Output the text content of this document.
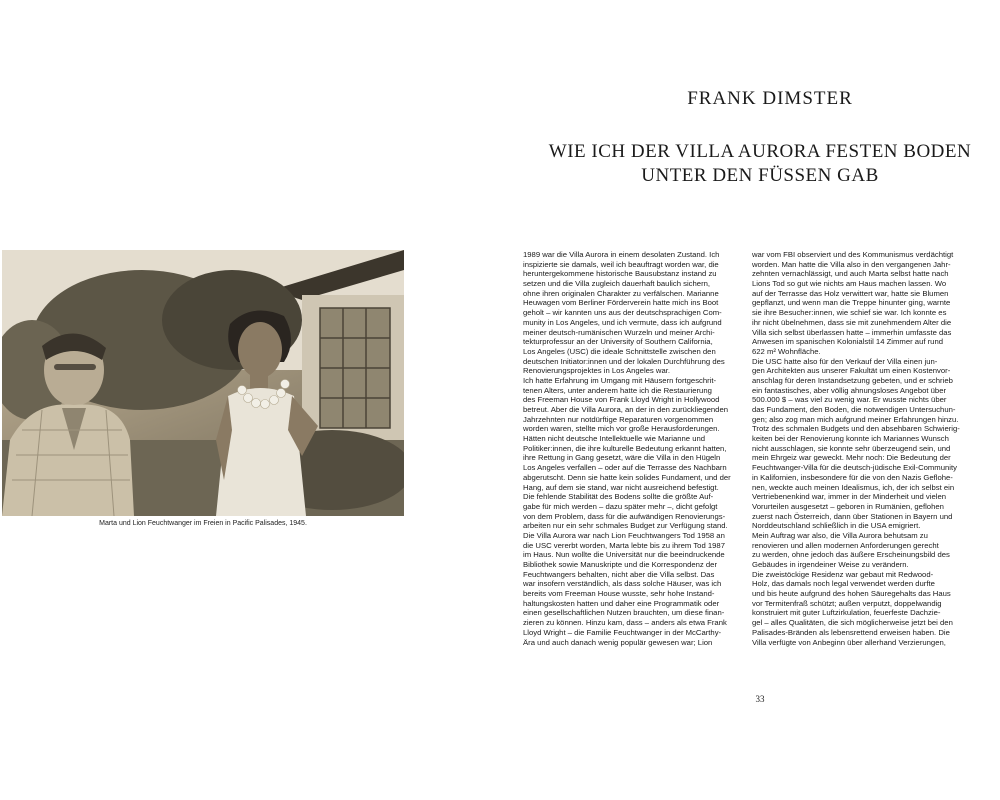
FRANK DIMSTER
WIE ICH DER VILLA AURORA FESTEN BODEN
UNTER DEN FÜSSEN GAB
Marta und Lion Feuchtwanger im Freien in Pacific Palisades, 1945.
1989 war die Villa Aurora in einem desolaten Zustand. Ich
inspizierte sie damals, weil ich beauftragt worden war, die
heruntergekommene historische Bausubstanz instand zu
setzen und die Villa zugleich dauerhaft baulich sichern,
ohne ihren originalen Charakter zu verfälschen. Marianne
Heuwagen vom Berliner Förderverein hatte mich ins Boot
geholt – wir kannten uns aus der deutschsprachigen Com-
munity in Los Angeles, und ich vermute, dass ich aufgrund
meiner deutsch-rumänischen Wurzeln und meiner Archi-
tekturprofessur an der University of Southern California,
Los Angeles (USC) die ideale Schnittstelle zwischen den
deutschen Initiator:innen und der lokalen Durchführung des
Renovierungsprojektes in Los Angeles war.
Ich hatte Erfahrung im Umgang mit Häusern fortgeschrit-
tenen Alters, unter anderem hatte ich die Restaurierung
des Freeman House von Frank Lloyd Wright in Hollywood
betreut. Aber die Villa Aurora, an der in den zurückliegenden
Jahrzehnten nur notdürftige Reparaturen vorgenommen
worden waren, stellte mich vor große Herausforderungen.
Hätten nicht deutsche Intellektuelle wie Marianne und
Politiker:innen, die ihre kulturelle Bedeutung erkannt hatten,
ihre Rettung in Gang gesetzt, wäre die Villa in den Hügeln
Los Angeles verfallen – oder auf die Terrasse des Nachbarn
abgerutscht. Denn sie hatte kein solides Fundament, und der
Hang, auf dem sie stand, war nicht ausreichend befestigt.
Die fehlende Stabilität des Bodens sollte die größte Auf-
gabe für mich werden – dazu später mehr –, dicht gefolgt
von dem Problem, dass für die aufwändigen Renovierungs-
arbeiten nur ein sehr schmales Budget zur Verfügung stand.
Die Villa Aurora war nach Lion Feuchtwangers Tod 1958 an
die USC vererbt worden, Marta lebte bis zu ihrem Tod 1987
im Haus. Nun wollte die Universität nur die beeindruckende
Bibliothek sowie Manuskripte und die Korrespondenz der
Feuchtwangers behalten, nicht aber die Villa selbst. Das
war insofern verständlich, als dass solche Häuser, was ich
bereits vom Freeman House wusste, sehr hohe Instand-
haltungskosten hatten und daher eine Programmatik oder
einen gesellschaftlichen Nutzen brauchten, um diese finan-
zieren zu können. Hinzu kam, dass – anders als etwa Frank
Lloyd Wright – die Familie Feuchtwanger in der McCarthy-
Ära und auch danach wenig populär gewesen war; Lion
war vom FBI observiert und des Kommunismus verdächtigt
worden. Man hatte die Villa also in den vergangenen Jahr-
zehnten vernachlässigt, und auch Marta selbst hatte nach
Lions Tod so gut wie nichts am Haus machen lassen. Wo
auf der Terrasse das Holz verwittert war, hatte sie Blumen
gepflanzt, und wenn man die Treppe hinunter ging, warnte
sie ihre Besucher:innen, wie schief sie war. Ich konnte es
ihr nicht übelnehmen, dass sie mit zunehmendem Alter die
Villa sich selbst überlassen hatte – immerhin umfasste das
Anwesen im spanischen Kolonialstil 14 Zimmer auf rund
622 m² Wohnfläche.
Die USC hatte also für den Verkauf der Villa einen jun-
gen Architekten aus unserer Fakultät um einen Kostenvor-
anschlag für deren Instandsetzung gebeten, und er schrieb
ein fantastisches, aber völlig ahnungsloses Angebot über
500.000 $ – was viel zu wenig war. Er wusste nichts über
das Fundament, den Boden, die notwendigen Untersuchun-
gen; also zog man mich aufgrund meiner Erfahrungen hinzu.
Trotz des schmalen Budgets und den absehbaren Schwierig-
keiten bei der Renovierung konnte ich Mariannes Wunsch
nicht ausschlagen, sie konnte sehr überzeugend sein, und
mein Ehrgeiz war geweckt. Mehr noch: Die Bedeutung der
Feuchtwanger-Villa für die deutsch-jüdische Exil-Community
in Kalifornien, insbesondere für die von den Nazis Geflohe-
nen, weckte auch meinen Idealismus, ich, der ich selbst ein
Vertriebenenkind war, immer in der Minderheit und vielen
Vorurteilen ausgesetzt – geboren in Rumänien, geflohen
zuerst nach Österreich, dann über Stationen in Bayern und
Norddeutschland schließlich in die USA emigriert.
Mein Auftrag war also, die Villa Aurora behutsam zu
renovieren und allen modernen Anforderungen gerecht
zu werden, ohne jedoch das äußere Erscheinungsbild des
Gebäudes in irgendeiner Weise zu verändern.
Die zweistöckige Residenz war gebaut mit Redwood-
Holz, das damals noch legal verwendet werden durfte
und bis heute aufgrund des hohen Säuregehalts das Haus
vor Termitenfraß schützt; außen verputzt, doppelwandig
konstruiert mit guter Luftzirkulation, feuerfeste Dachzie-
gel – alles Qualitäten, die sich möglicherweise jetzt bei den
Palisades-Bränden als lebensrettend erweisen haben. Die
Villa verfügte von Anbeginn über allerhand Verzierungen,
33
